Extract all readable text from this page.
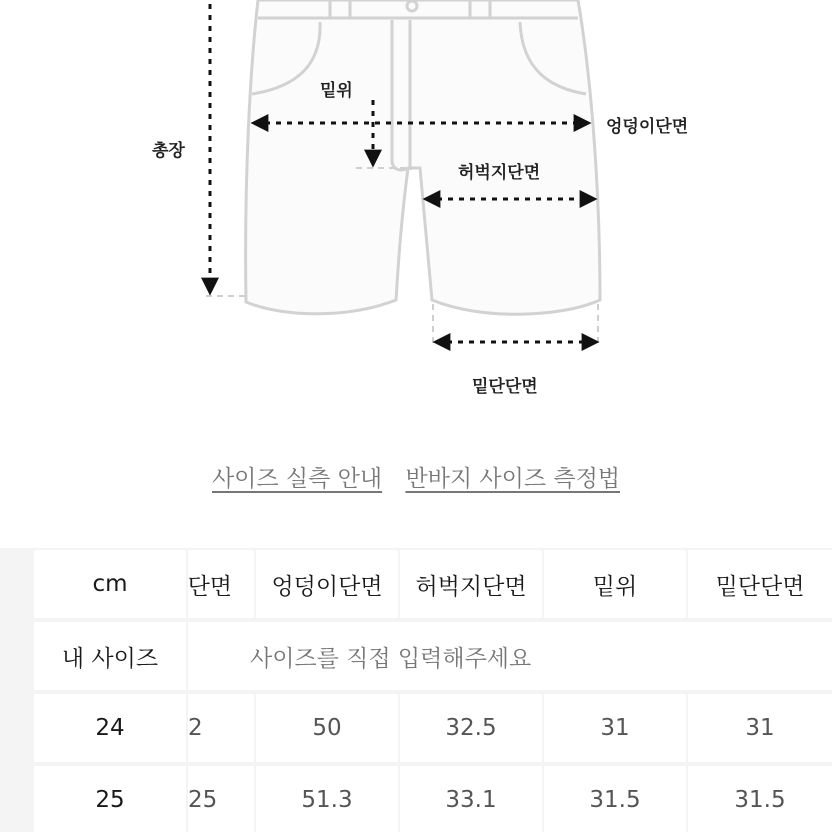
밑위
엉덩이단면
총장
허벅지단면
밑단단면
사이즈 실측 안내 반바지 사이즈 측정법
cm	단면	엉덩이단면	허벅지단면	밑위	밑단단면
내 사이즈	사이즈를 직접 입력해주세요
24	2	50	32.5	31	31
25	25	51.3	33.1	31.5	31.5
